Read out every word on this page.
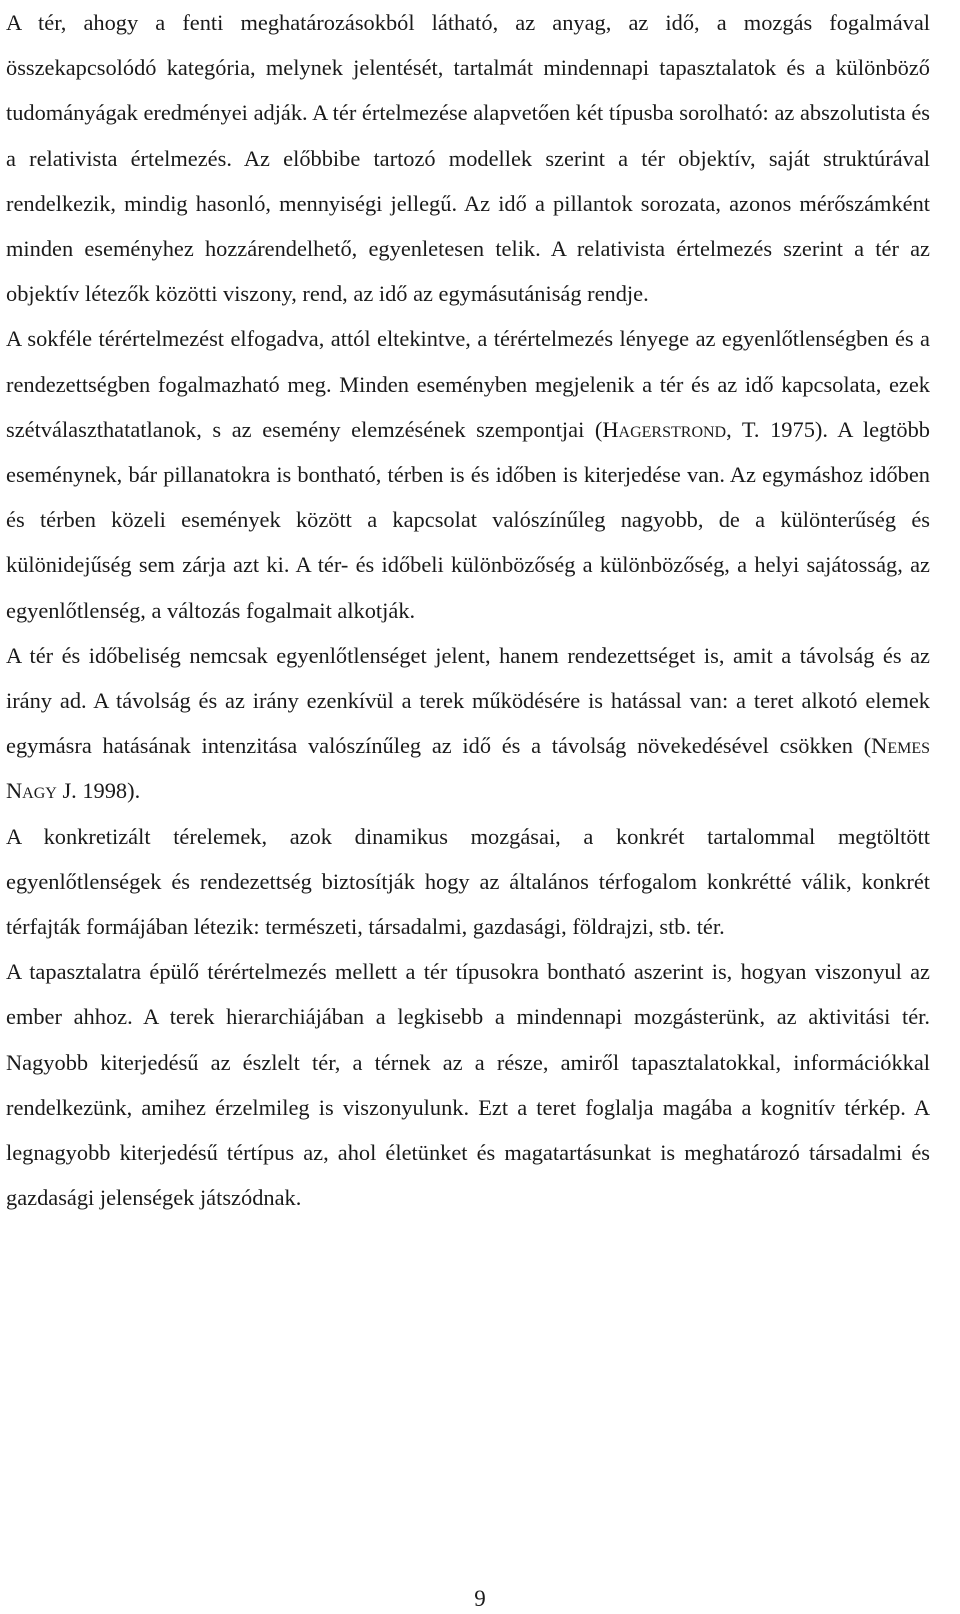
A tér, ahogy a fenti meghatározásokból látható, az anyag, az idő, a mozgás fogalmával összekapcsolódó kategória, melynek jelentését, tartalmát mindennapi tapasztalatok és a különböző tudományágak eredményei adják. A tér értelmezése alapvetően két típusba sorolható: az abszolutista és a relativista értelmezés. Az előbbibe tartozó modellek szerint a tér objektív, saját struktúrával rendelkezik, mindig hasonló, mennyiségi jellegű. Az idő a pillantok sorozata, azonos mérőszámként minden eseményhez hozzárendelhető, egyenletesen telik. A relativista értelmezés szerint a tér az objektív létezők közötti viszony, rend, az idő az egymásutániság rendje.

A sokféle térértelmezést elfogadva, attól eltekintve, a térértelmezés lényege az egyenlőtlenségben és a rendezettségben fogalmazható meg. Minden eseményben megjelenik a tér és az idő kapcsolata, ezek szétválaszthatatlanok, s az esemény elemzésének szempontjai (Hagerstrond, T. 1975). A legtöbb eseménynek, bár pillanatokra is bontható, térben is és időben is kiterjedése van. Az egymáshoz időben és térben közeli események között a kapcsolat valószínűleg nagyobb, de a különterűség és különidejűség sem zárja azt ki. A tér- és időbeli különbözőség a különbözőség, a helyi sajátosság, az egyenlőtlenség, a változás fogalmait alkotják.

A tér és időbeliség nemcsak egyenlőtlenséget jelent, hanem rendezettséget is, amit a távolság és az irány ad. A távolság és az irány ezenkívül a terek működésére is hatással van: a teret alkotó elemek egymásra hatásának intenzitása valószínűleg az idő és a távolság növekedésével csökken (Nemes Nagy J. 1998).

A konkretizált térelemek, azok dinamikus mozgásai, a konkrét tartalommal megtöltött egyenlőtlenségek és rendezettség biztosítják hogy az általános térfogalom konkrétté válik, konkrét térfajták formájában létezik: természeti, társadalmi, gazdasági, földrajzi, stb. tér.

A tapasztalatra épülő térértelmezés mellett a tér típusokra bontható aszerint is, hogyan viszonyul az ember ahhoz. A terek hierarchiájában a legkisebb a mindennapi mozgásterünk, az aktivitási tér. Nagyobb kiterjedésű az észlelt tér, a térnek az a része, amiről tapasztalatokkal, információkkal rendelkezünk, amihez érzelmileg is viszonyulunk. Ezt a teret foglalja magába a kognitív térkép. A legnagyobb kiterjedésű tértípus az, ahol életünket és magatartásunkat is meghatározó társadalmi és gazdasági jelenségek játszódnak.

9
